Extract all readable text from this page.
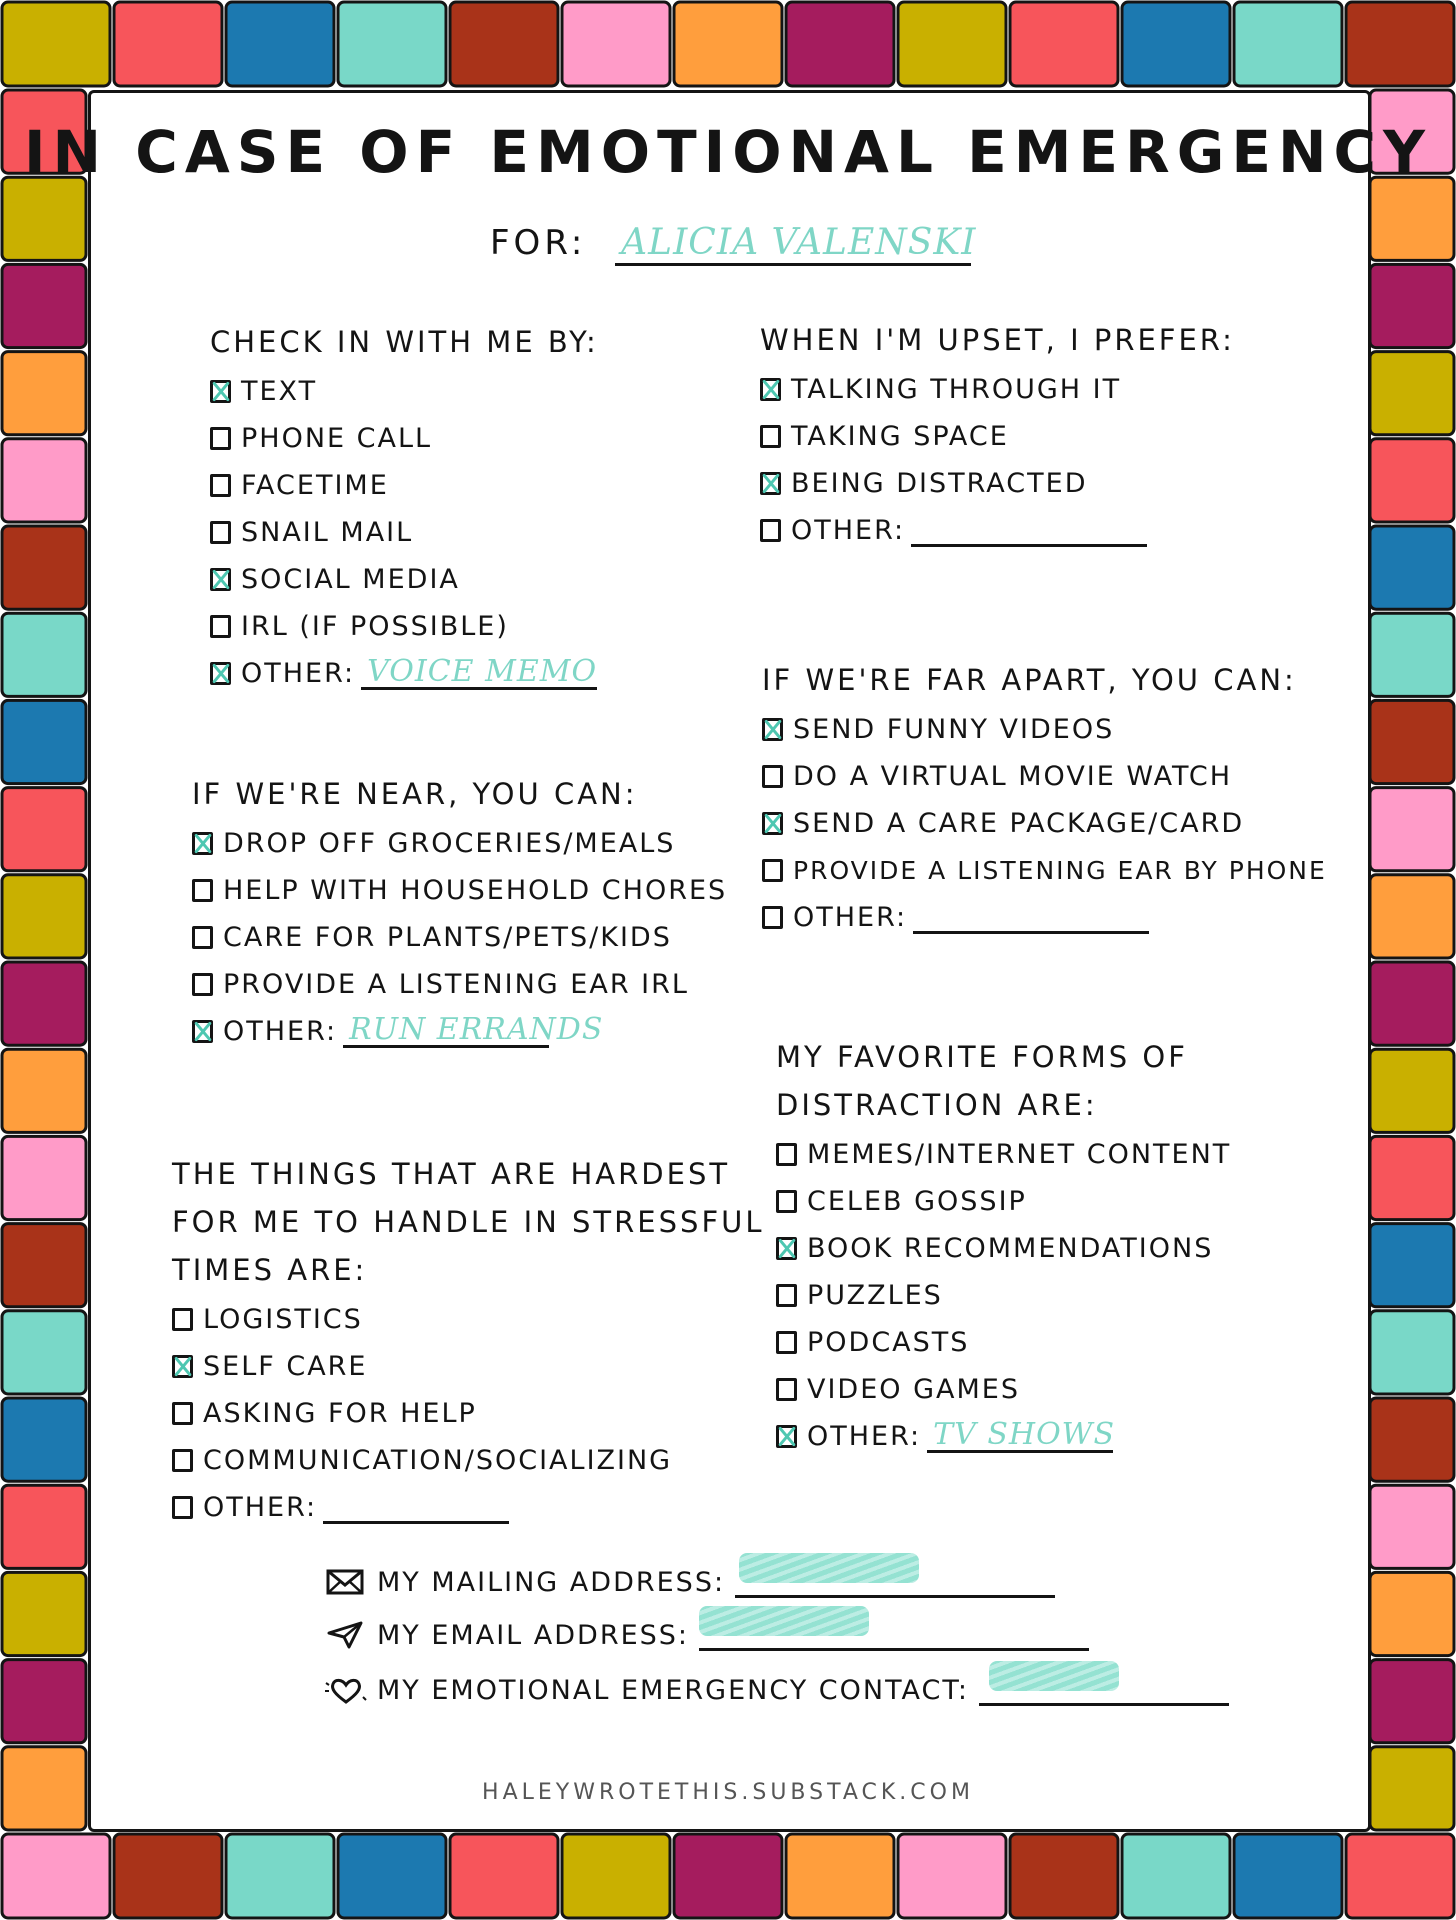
IN CASE OF EMOTIONAL EMERGENCY
FOR: ALICIA VALENSKI
CHECK IN WITH ME BY:
TEXT
PHONE CALL
FACETIME
SNAIL MAIL
SOCIAL MEDIA
IRL (IF POSSIBLE)
OTHER: VOICE MEMO
WHEN I'M UPSET, I PREFER:
TALKING THROUGH IT
TAKING SPACE
BEING DISTRACTED
OTHER:
IF WE'RE NEAR, YOU CAN:
DROP OFF GROCERIES/MEALS
HELP WITH HOUSEHOLD CHORES
CARE FOR PLANTS/PETS/KIDS
PROVIDE A LISTENING EAR IRL
OTHER: RUN ERRANDS
IF WE'RE FAR APART, YOU CAN:
SEND FUNNY VIDEOS
DO A VIRTUAL MOVIE WATCH
SEND A CARE PACKAGE/CARD
PROVIDE A LISTENING EAR BY PHONE
OTHER:
MY FAVORITE FORMS OF
DISTRACTION ARE:
MEMES/INTERNET CONTENT
CELEB GOSSIP
BOOK RECOMMENDATIONS
PUZZLES
PODCASTS
VIDEO GAMES
OTHER: TV SHOWS
THE THINGS THAT ARE HARDEST
FOR ME TO HANDLE IN STRESSFUL
TIMES ARE:
LOGISTICS
SELF CARE
ASKING FOR HELP
COMMUNICATION/SOCIALIZING
OTHER:
MY MAILING ADDRESS:
MY EMAIL ADDRESS:
MY EMOTIONAL EMERGENCY CONTACT:
HALEYWROTETHIS.SUBSTACK.COM
